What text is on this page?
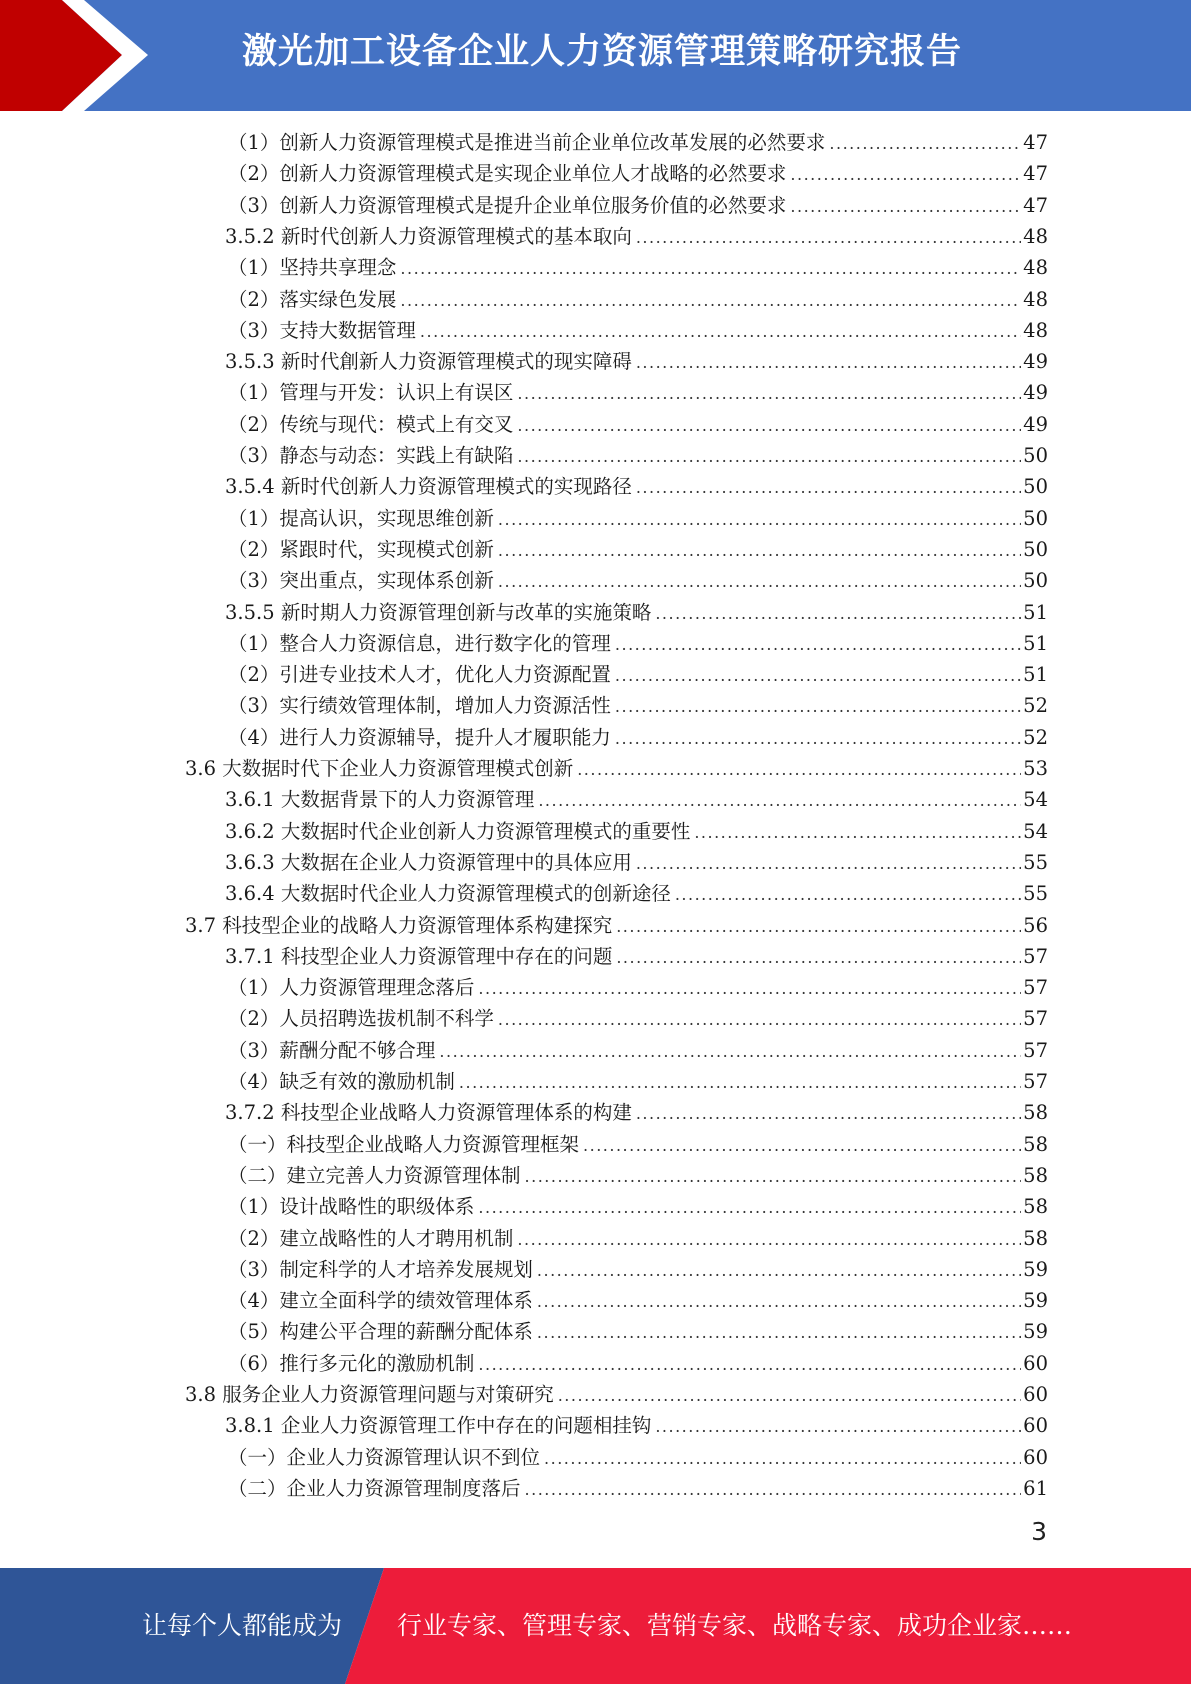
激光加工设备企业人力资源管理策略研究报告
（1）创新人力资源管理模式是推进当前企业单位改革发展的必然要求 .....	47
（2）创新人力资源管理模式是实现企业单位人才战略的必然要求 .....	47
（3）创新人力资源管理模式是提升企业单位服务价值的必然要求 .....	47
3.5.2 新时代创新人力资源管理模式的基本取向 .....	48
（1）坚持共享理念 .....	48
（2）落实绿色发展 .....	48
（3）支持大数据管理 .....	48
3.5.3 新时代創新人力资源管理模式的现实障碍 .....	49
（1）管理与开发：认识上有误区 .....	49
（2）传统与现代：模式上有交叉 .....	49
（3）静态与动态：实践上有缺陷 .....	50
3.5.4 新时代创新人力资源管理模式的实现路径 .....	50
（1）提高认识，实现思维创新 .....	50
（2）紧跟时代，实现模式创新 .....	50
（3）突出重点，实现体系创新 .....	50
3.5.5 新时期人力资源管理创新与改革的实施策略 .....	51
（1）整合人力资源信息，进行数字化的管理 .....	51
（2）引进专业技术人才，优化人力资源配置 .....	51
（3）实行绩效管理体制，增加人力资源活性 .....	52
（4）进行人力资源辅导，提升人才履职能力 .....	52
3.6 大数据时代下企业人力资源管理模式创新 .....	53
3.6.1 大数据背景下的人力资源管理 .....	54
3.6.2 大数据时代企业创新人力资源管理模式的重要性 .....	54
3.6.3 大数据在企业人力资源管理中的具体应用 .....	55
3.6.4 大数据时代企业人力资源管理模式的创新途径 .....	55
3.7 科技型企业的战略人力资源管理体系构建探究 .....	56
3.7.1 科技型企业人力资源管理中存在的问题 .....	57
（1）人力资源管理理念落后 .....	57
（2）人员招聘选拔机制不科学 .....	57
（3）薪酬分配不够合理 .....	57
（4）缺乏有效的激励机制 .....	57
3.7.2 科技型企业战略人力资源管理体系的构建 .....	58
（一）科技型企业战略人力资源管理框架 .....	58
（二）建立完善人力资源管理体制 .....	58
（1）设计战略性的职级体系 .....	58
（2）建立战略性的人才聘用机制 .....	58
（3）制定科学的人才培养发展规划 .....	59
（4）建立全面科学的绩效管理体系 .....	59
（5）构建公平合理的薪酬分配体系 .....	59
（6）推行多元化的激励机制 .....	60
3.8 服务企业人力资源管理问题与对策研究 .....	60
3.8.1 企业人力资源管理工作中存在的问题相挂钩 .....	60
（一）企业人力资源管理认识不到位 .....	60
（二）企业人力资源管理制度落后 .....	61
3
让每个人都能成为 行业专家、管理专家、营销专家、战略专家、成功企业家……
